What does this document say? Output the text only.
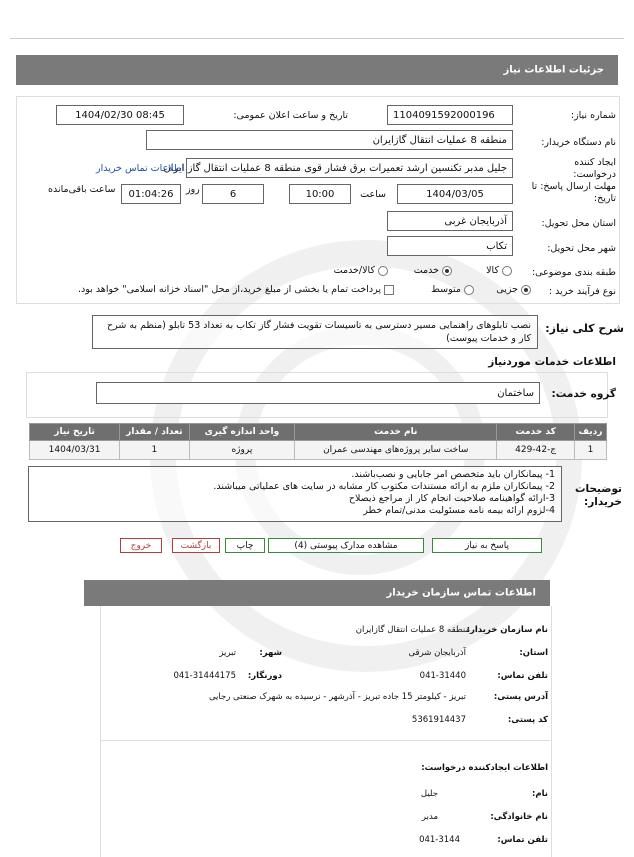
جزئیات اطلاعات نیاز
شماره نیاز:
1104091592000196
تاریخ و ساعت اعلان عمومی:
1404/02/30 08:45
نام دستگاه خریدار:
منطقه 8 عملیات انتقال گازایران
ایجاد کننده
درخواست:
جلیل مدبر تکنسین ارشد تعمیرات برق فشار قوی منطقه 8 عملیات انتقال گاز ایران
اطلاعات تماس خریدار
مهلت ارسال پاسخ: تا
تاریخ:
1404/03/05
ساعت
10:00
6
روز
01:04:26
ساعت باقی‌مانده
استان محل تحویل:
آذربایجان غربی
شهر محل تحویل:
تکاب
طبقه بندی موضوعی:
کالا
خدمت
کالا/خدمت
نوع فرآیند خرید :
جزیی
متوسط
پرداخت تمام یا بخشی از مبلغ خرید،از محل "اسناد خزانه اسلامی" خواهد بود.
شرح کلی نیاز:
نصب تابلوهای راهنمایی مسیر دسترسی به تاسیسات تقویت فشار گاز تکاب به تعداد 53 تابلو (منظم به شرح کار و خدمات پیوست)
اطلاعات خدمات موردنیاز
گروه خدمت:
ساختمان
ردیف	کد خدمت	نام خدمت	واحد اندازه گیری	تعداد / مقدار	تاریخ نیاز
1	ج-42-429	ساخت سایر پروژه‌های مهندسی عمران	پروژه	1	1404/03/31
توضیحات
خریدار:
1- پیمانکاران باید متخصص امر جابایی و نصب‌باشند.
2- پیمانکاران ملزم به ارائه مستندات مکتوب کار مشابه در سایت های عملیاتی میباشند.
3-ارائه گواهینامه صلاحیت انجام کار از مراجع ذیصلاح
4-لزوم ارائه بیمه نامه مسئولیت مدنی/تمام خطر
پاسخ به نیاز
مشاهده مدارک پیوستی (4)
چاپ
بازگشت
خروج
اطلاعات تماس سازمان خریدار
نام سازمان خریدار:
منطقه 8 عملیات انتقال گازایران
استان:
آذربایجان شرقی
شهر:
تبریز
تلفن تماس:
041-31440
دورنگار:
041-31444175
آدرس پستی:
تبریز - کیلومتر 15 جاده تبریز - آذرشهر - نرسیده به شهرک صنعتی رجایی
کد پستی:
5361914437
اطلاعات ایجادکننده درخواست:
نام:
جلیل
نام خانوادگی:
مدبر
تلفن تماس:
041-3144
